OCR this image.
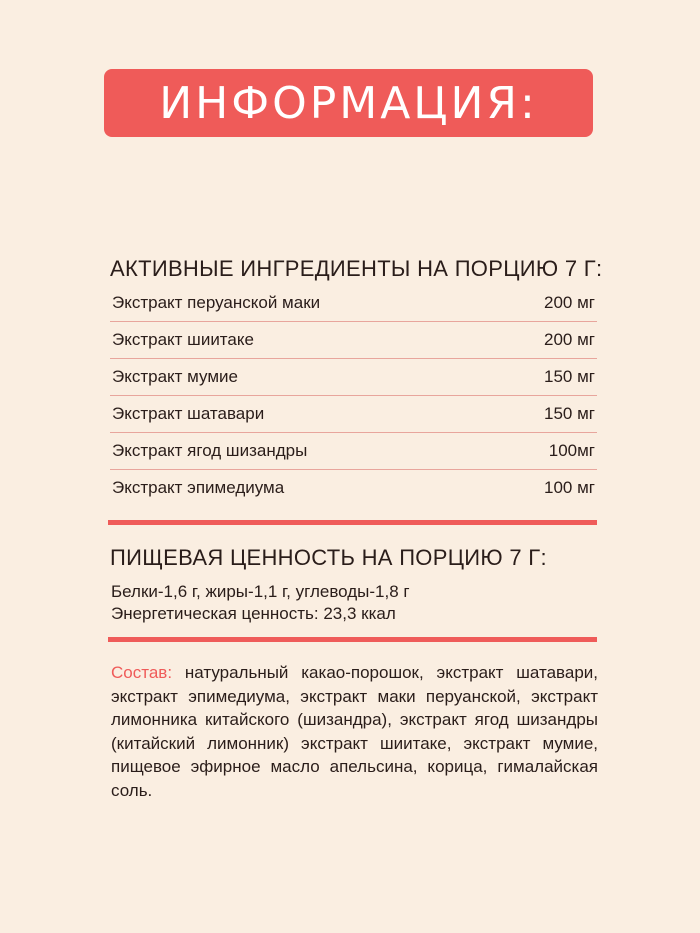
ИНФОРМАЦИЯ:
АКТИВНЫЕ ИНГРЕДИЕНТЫ НА ПОРЦИЮ 7 Г:
Экстракт перуанской маки	200 мг
Экстракт шиитаке	200 мг
Экстракт мумие	150 мг
Экстракт шатавари	150 мг
Экстракт ягод шизандры	100мг
Экстракт эпимедиума	100 мг
ПИЩЕВАЯ ЦЕННОСТЬ НА ПОРЦИЮ 7 Г:
Белки-1,6 г, жиры-1,1 г, углеводы-1,8 г
Энергетическая ценность: 23,3 ккал
Состав: натуральный какао-порошок, экстракт шатавари, экстракт эпимедиума, экстракт маки перуанской, экстракт лимонника китайского (шизандра), экстракт ягод шизандры (китайский лимонник) экстракт шиитаке, экстракт мумие, пищевое эфирное масло апельсина, корица, гималайская соль.
